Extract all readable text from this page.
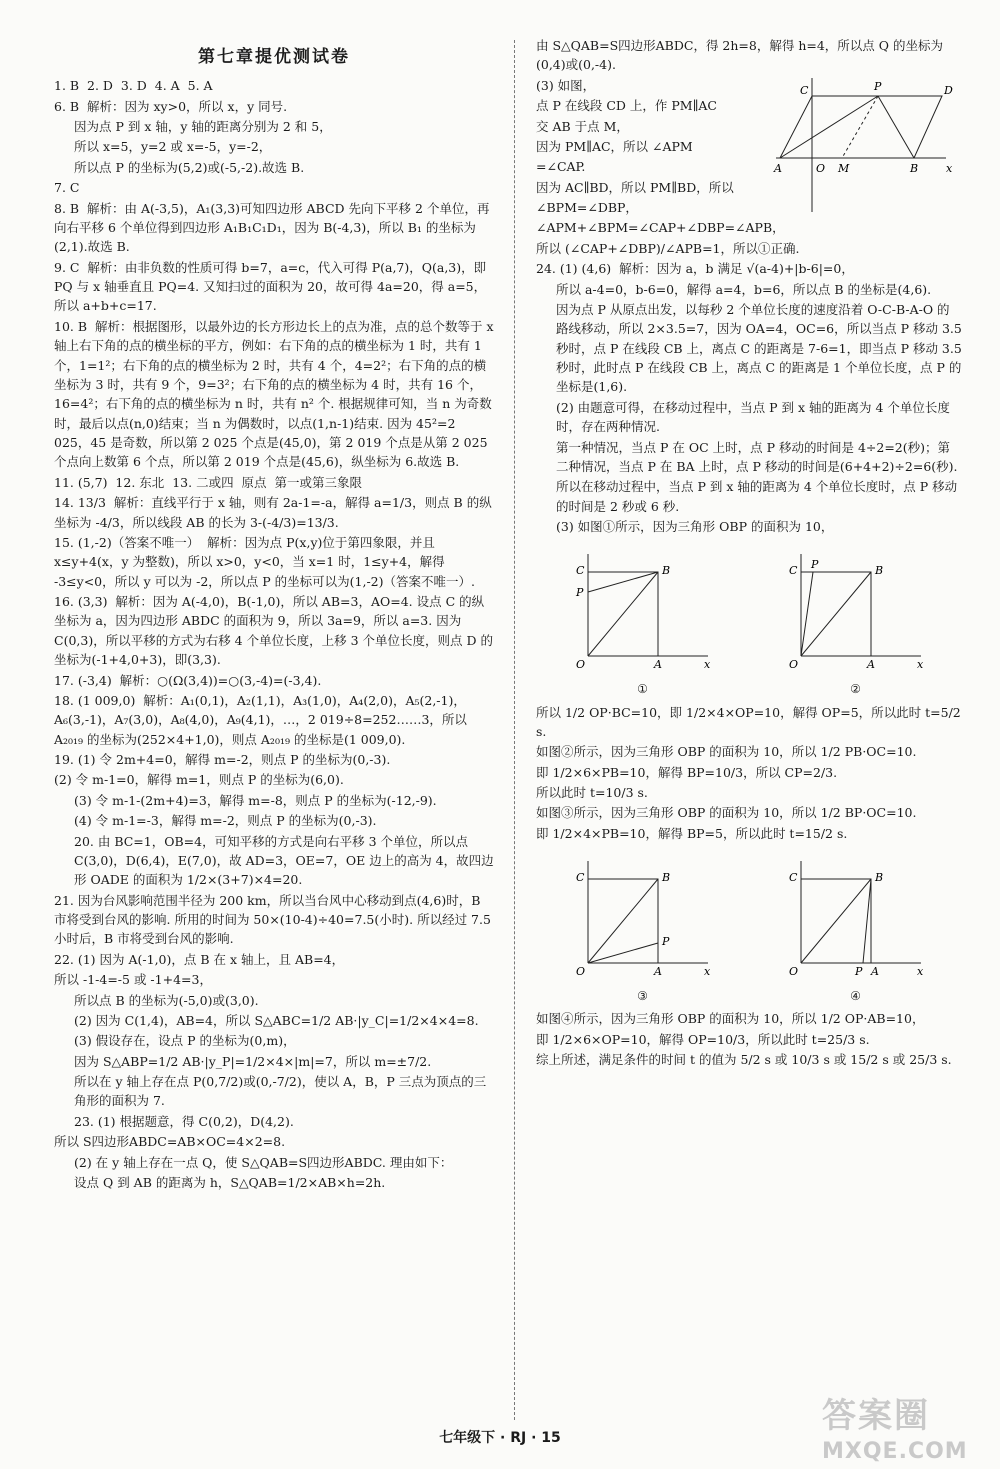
第七章提优测试卷
1. B  2. D  3. D  4. A  5. A
6. B  解析：因为 xy>0，所以 x，y 同号.
因为点 P 到 x 轴，y 轴的距离分别为 2 和 5，
所以 x=5，y=2 或 x=-5，y=-2，
所以点 P 的坐标为(5,2)或(-5,-2).故选 B.
7. C
8. B  解析：由 A(-3,5)，A₁(3,3)可知四边形 ABCD 先向下平移 2 个单位，再向右平移 6 个单位得到四边形 A₁B₁C₁D₁，因为 B(-4,3)，所以 B₁ 的坐标为(2,1).故选 B.
9. C  解析：由非负数的性质可得 b=7，a=c，代入可得 P(a,7)，Q(a,3)，即 PQ 与 x 轴垂直且 PQ=4. 又知扫过的面积为 20，故可得 4a=20，得 a=5，所以 a+b+c=17.
10. B  解析：根据图形，以最外边的长方形边长上的点为准，点的总个数等于 x 轴上右下角的点的横坐标的平方，例如：右下角的点的横坐标为 1 时，共有 1 个，1=1²；右下角的点的横坐标为 2 时，共有 4 个，4=2²；右下角的点的横坐标为 3 时，共有 9 个，9=3²；右下角的点的横坐标为 4 时，共有 16 个，16=4²；右下角的点的横坐标为 n 时，共有 n² 个. 根据规律可知，当 n 为奇数时，最后以点(n,0)结束；当 n 为偶数时，以点(1,n-1)结束. 因为 45²=2 025，45 是奇数，所以第 2 025 个点是(45,0)，第 2 019 个点是从第 2 025 个点向上数第 6 个点，所以第 2 019 个点是(45,6)，纵坐标为 6.故选 B.
11. (5,7)  12. 东北  13. 二或四  原点  第一或第三象限
14. 13/3  解析：直线平行于 x 轴，则有 2a-1=-a，解得 a=1/3，则点 B 的纵坐标为 -4/3，所以线段 AB 的长为 3-(-4/3)=13/3.
15. (1,-2)（答案不唯一）  解析：因为点 P(x,y)位于第四象限，并且 x≤y+4(x，y 为整数)，所以 x>0，y<0，当 x=1 时，1≤y+4，解得 -3≤y<0，所以 y 可以为 -2，所以点 P 的坐标可以为(1,-2)（答案不唯一）.
16. (3,3)  解析：因为 A(-4,0)，B(-1,0)，所以 AB=3，AO=4. 设点 C 的纵坐标为 a，因为四边形 ABDC 的面积为 9，所以 3a=9，所以 a=3. 因为 C(0,3)，所以平移的方式为右移 4 个单位长度，上移 3 个单位长度，则点 D 的坐标为(-1+4,0+3)，即(3,3).
17. (-3,4)  解析：○(Ω(3,4))=○(3,-4)=(-3,4).
18. (1 009,0)  解析：A₁(0,1)，A₂(1,1)，A₃(1,0)，A₄(2,0)，A₅(2,-1)，A₆(3,-1)，A₇(3,0)，A₈(4,0)，A₉(4,1)，…，2 019÷8=252……3，所以 A₂₀₁₉ 的坐标为(252×4+1,0)，则点 A₂₀₁₉ 的坐标是(1 009,0).
19. (1) 令 2m+4=0，解得 m=-2，则点 P 的坐标为(0,-3).
(2) 令 m-1=0，解得 m=1，则点 P 的坐标为(6,0).
(3) 令 m-1-(2m+4)=3，解得 m=-8，则点 P 的坐标为(-12,-9).
(4) 令 m-1=-3，解得 m=-2，则点 P 的坐标为(0,-3).
20. 由 BC=1，OB=4，可知平移的方式是向右平移 3 个单位，所以点 C(3,0)，D(6,4)，E(7,0)，故 AD=3，OE=7，OE 边上的高为 4，故四边形 OADE 的面积为 1/2×(3+7)×4=20.
21. 因为台风影响范围半径为 200 km，所以当台风中心移动到点(4,6)时，B 市将受到台风的影响. 所用的时间为 50×(10-4)÷40=7.5(小时). 所以经过 7.5 小时后，B 市将受到台风的影响.
22. (1) 因为 A(-1,0)，点 B 在 x 轴上，且 AB=4，
所以 -1-4=-5 或 -1+4=3，
所以点 B 的坐标为(-5,0)或(3,0).
(2) 因为 C(1,4)，AB=4，所以 S△ABC=1/2 AB·|y_C|=1/2×4×4=8.
(3) 假设存在，设点 P 的坐标为(0,m)，
因为 S△ABP=1/2 AB·|y_P|=1/2×4×|m|=7，所以 m=±7/2.
所以在 y 轴上存在点 P(0,7/2)或(0,-7/2)，使以 A，B，P 三点为顶点的三角形的面积为 7.
23. (1) 根据题意，得 C(0,2)，D(4,2).
所以 S四边形ABDC=AB×OC=4×2=8.
(2) 在 y 轴上存在一点 Q，使 S△QAB=S四边形ABDC. 理由如下：
设点 Q 到 AB 的距离为 h，S△QAB=1/2×AB×h=2h.
由 S△QAB=S四边形ABDC，得 2h=8，解得 h=4，所以点 Q 的坐标为(0,4)或(0,-4).
(3) 如图，
点 P 在线段 CD 上，作 PM∥AC
交 AB 于点 M，
因为 PM∥AC，所以 ∠APM
=∠CAP.
因为 AC∥BD，所以 PM∥BD，所以
∠BPM=∠DBP，
∠APM+∠BPM=∠CAP+∠DBP=∠APB，
A	O M	B	x
C	P	D
所以 (∠CAP+∠DBP)/∠APB=1，所以①正确.
24. (1) (4,6)  解析：因为 a，b 满足 √(a-4)+|b-6|=0，
所以 a-4=0，b-6=0，解得 a=4，b=6，所以点 B 的坐标是(4,6).
因为点 P 从原点出发，以每秒 2 个单位长度的速度沿着 O-C-B-A-O 的路线移动，所以 2×3.5=7，因为 OA=4，OC=6，所以当点 P 移动 3.5 秒时，点 P 在线段 CB 上，离点 C 的距离是 7-6=1，即当点 P 移动 3.5 秒时，此时点 P 在线段 CB 上，离点 C 的距离是 1 个单位长度，点 P 的坐标是(1,6).
(2) 由题意可得，在移动过程中，当点 P 到 x 轴的距离为 4 个单位长度时，存在两种情况.
第一种情况，当点 P 在 OC 上时，点 P 移动的时间是 4÷2=2(秒)；第二种情况，当点 P 在 BA 上时，点 P 移动的时间是(6+4+2)÷2=6(秒).
所以在移动过程中，当点 P 到 x 轴的距离为 4 个单位长度时，点 P 移动的时间是 2 秒或 6 秒.
(3) 如图①所示，因为三角形 OBP 的面积为 10，
O	A	x
C
P
B
①
O	A	x
C P	B
②
所以 1/2 OP·BC=10，即 1/2×4×OP=10，解得 OP=5，所以此时 t=5/2 s.
如图②所示，因为三角形 OBP 的面积为 10，所以 1/2 PB·OC=10.
即 1/2×6×PB=10，解得 BP=10/3，所以 CP=2/3.
所以此时 t=10/3 s.
如图③所示，因为三角形 OBP 的面积为 10，所以 1/2 BP·OC=10.
即 1/2×4×PB=10，解得 BP=5，所以此时 t=15/2 s.
O	A	x
C
P
B
③
O	P A	x
C	B
④
如图④所示，因为三角形 OBP 的面积为 10，所以 1/2 OP·AB=10，
即 1/2×6×OP=10，解得 OP=10/3，所以此时 t=25/3 s.
综上所述，满足条件的时间 t 的值为 5/2 s 或 10/3 s 或 15/2 s 或 25/3 s.
七年级下 · RJ · 15
答案圈
MXQE.COM
